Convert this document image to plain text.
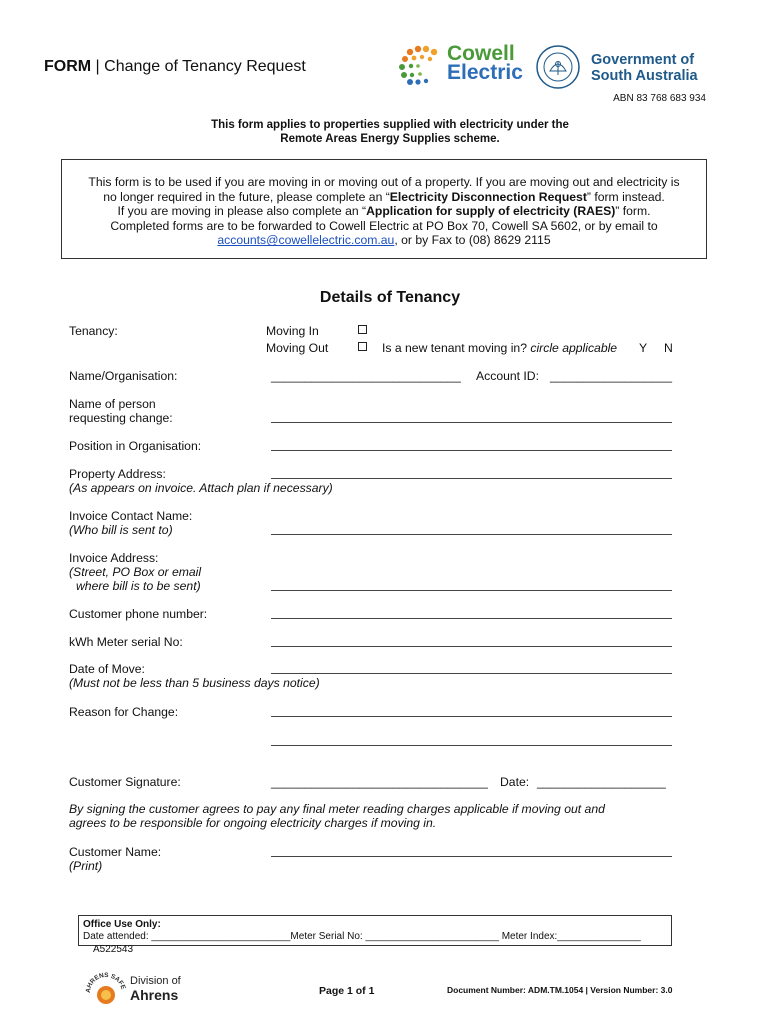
FORM | Change of Tenancy Request
Cowell
Electric
Government of
South Australia
ABN 83 768 683 934
This form applies to properties supplied with electricity under the
Remote Areas Energy Supplies scheme.
This form is to be used if you are moving in or moving out of a property. If you are moving out and electricity is
no longer required in the future, please complete an “Electricity Disconnection Request” form instead.
If you are moving in please also complete an “Application for supply of electricity (RAES)” form.
Completed forms are to be forwarded to Cowell Electric at PO Box 70, Cowell SA 5602, or by email to
accounts@cowellelectric.com.au, or by Fax to (08) 8629 2115
Details of Tenancy
Tenancy:	Moving In
Moving Out	Is a new tenant moving in? circle applicable Y N
Name/Organisation:	____________________________ Account ID: __________________
Name of person
requesting change:
Position in Organisation:
Property Address:
(As appears on invoice. Attach plan if necessary)
Invoice Contact Name:
(Who bill is sent to)
Invoice Address:
(Street, PO Box or email
where bill is to be sent)
Customer phone number:
kWh Meter serial No:
Date of Move:
(Must not be less than 5 business days notice)
Reason for Change:
Customer Signature:	________________________________ Date: ___________________
By signing the customer agrees to pay any final meter reading charges applicable if moving out and
agrees to be responsible for ongoing electricity charges if moving in.
Customer Name:
(Print)
Office Use Only:
Date attended: _________________________Meter Serial No: ________________________ Meter Index:_______________
A522543
AHRENS SAFE
Division of
Ahrens	Page 1 of 1	Document Number: ADM.TM.1054 | Version Number: 3.0
